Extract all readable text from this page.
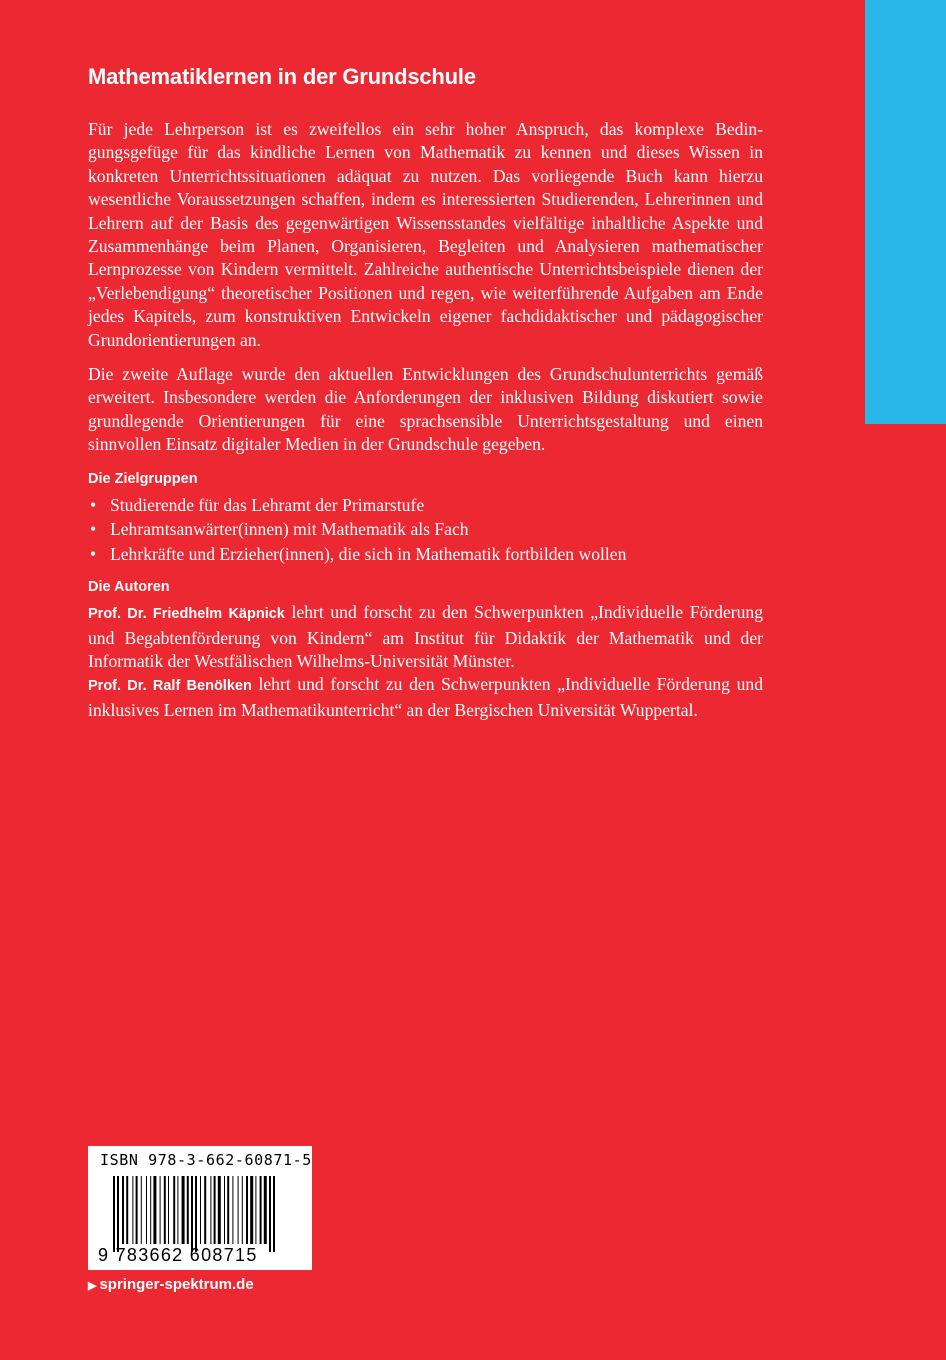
Mathematiklernen in der Grundschule

Für jede Lehrperson ist es zweifellos ein sehr hoher Anspruch, das komplexe Bedingungsgefüge für das kindliche Lernen von Mathematik zu kennen und dieses Wissen in konkreten Unterrichtssituationen adäquat zu nutzen. Das vorliegende Buch kann hierzu wesentliche Voraussetzungen schaffen, indem es interessierten Studierenden, Lehrerinnen und Lehrern auf der Basis des gegenwärtigen Wissensstandes vielfältige inhaltliche Aspekte und Zusammenhänge beim Planen, Organisieren, Begleiten und Analysieren mathematischer Lernprozesse von Kindern vermittelt. Zahlreiche authentische Unterrichtsbeispiele dienen der „Verlebendigung“ theoretischer Positionen und regen, wie weiterführende Aufgaben am Ende jedes Kapitels, zum konstruktiven Entwickeln eigener fachdidaktischer und pädagogischer Grundorientierungen an.

Die zweite Auflage wurde den aktuellen Entwicklungen des Grundschulunterrichts gemäß erweitert. Insbesondere werden die Anforderungen der inklusiven Bildung diskutiert sowie grundlegende Orientierungen für eine sprachsensible Unterrichtsgestaltung und einen sinnvollen Einsatz digitaler Medien in der Grundschule gegeben.

Die Zielgruppen
• Studierende für das Lehramt der Primarstufe
• Lehramtsanwärter(innen) mit Mathematik als Fach
• Lehrkräfte und Erzieher(innen), die sich in Mathematik fortbilden wollen
Die Autoren

Prof. Dr. Friedhelm Käpnick lehrt und forscht zu den Schwerpunkten „Individuelle Förderung und Begabtenförderung von Kindern“ am Institut für Didaktik der Mathematik und der Informatik der Westfälischen Wilhelms-Universität Münster.

Prof. Dr. Ralf Benölken lehrt und forscht zu den Schwerpunkten „Individuelle Förderung und inklusives Lernen im Mathematikunterricht“ an der Bergischen Universität Wuppertal.

ISBN 978-3-662-60871-5
9 783662 608715
▶ springer-spektrum.de
